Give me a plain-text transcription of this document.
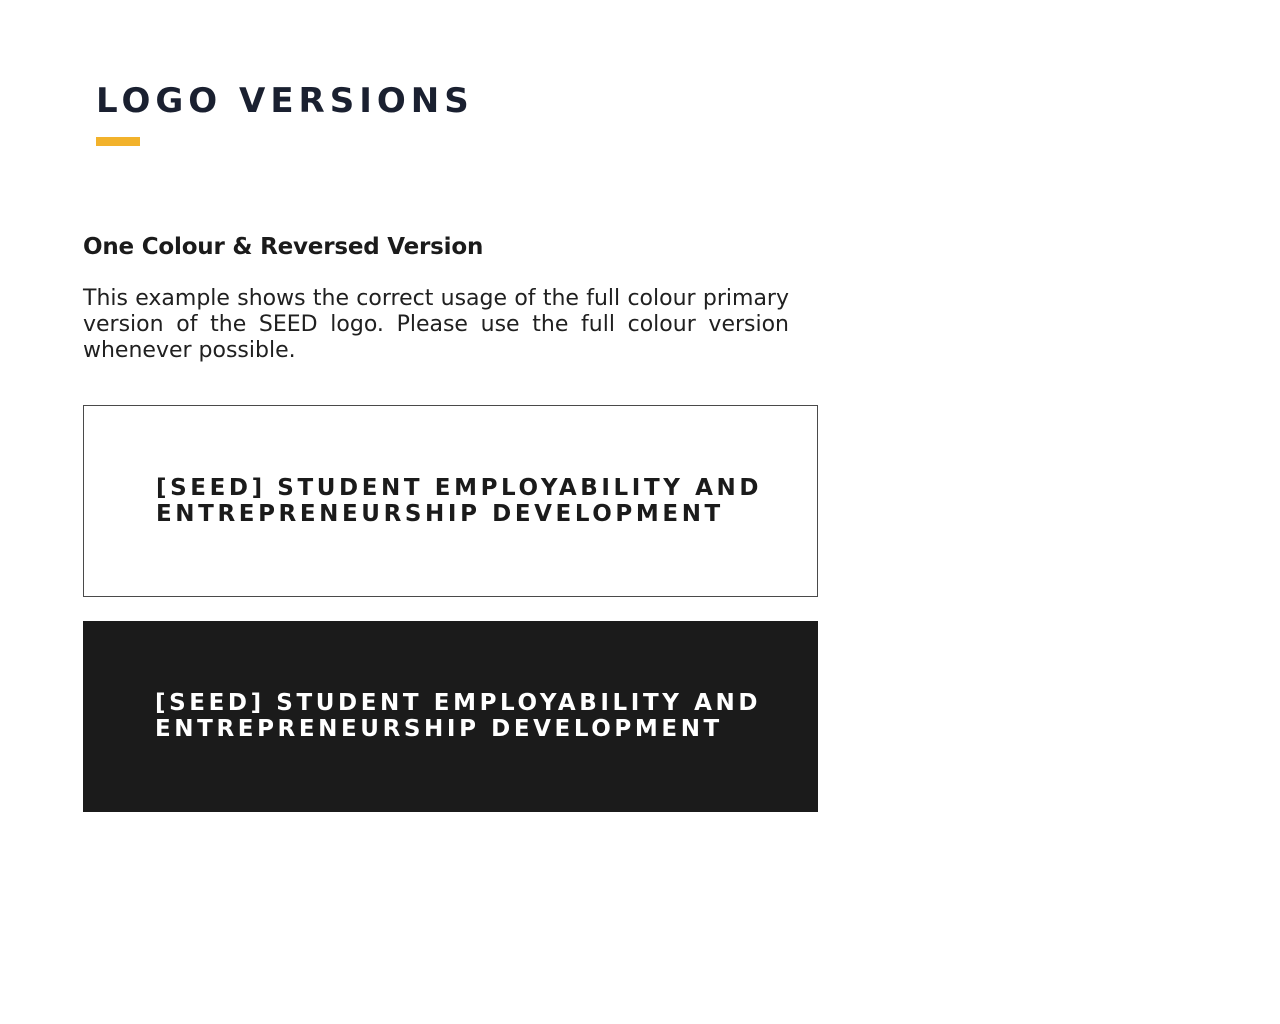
LOGO VERSIONS
One Colour & Reversed Version

This example shows the correct usage of the full colour primary version of the SEED logo. Please use the full colour version whenever possible.

[SEED] STUDENT EMPLOYABILITY AND
ENTREPRENEURSHIP DEVELOPMENT

[SEED] STUDENT EMPLOYABILITY AND
ENTREPRENEURSHIP DEVELOPMENT
